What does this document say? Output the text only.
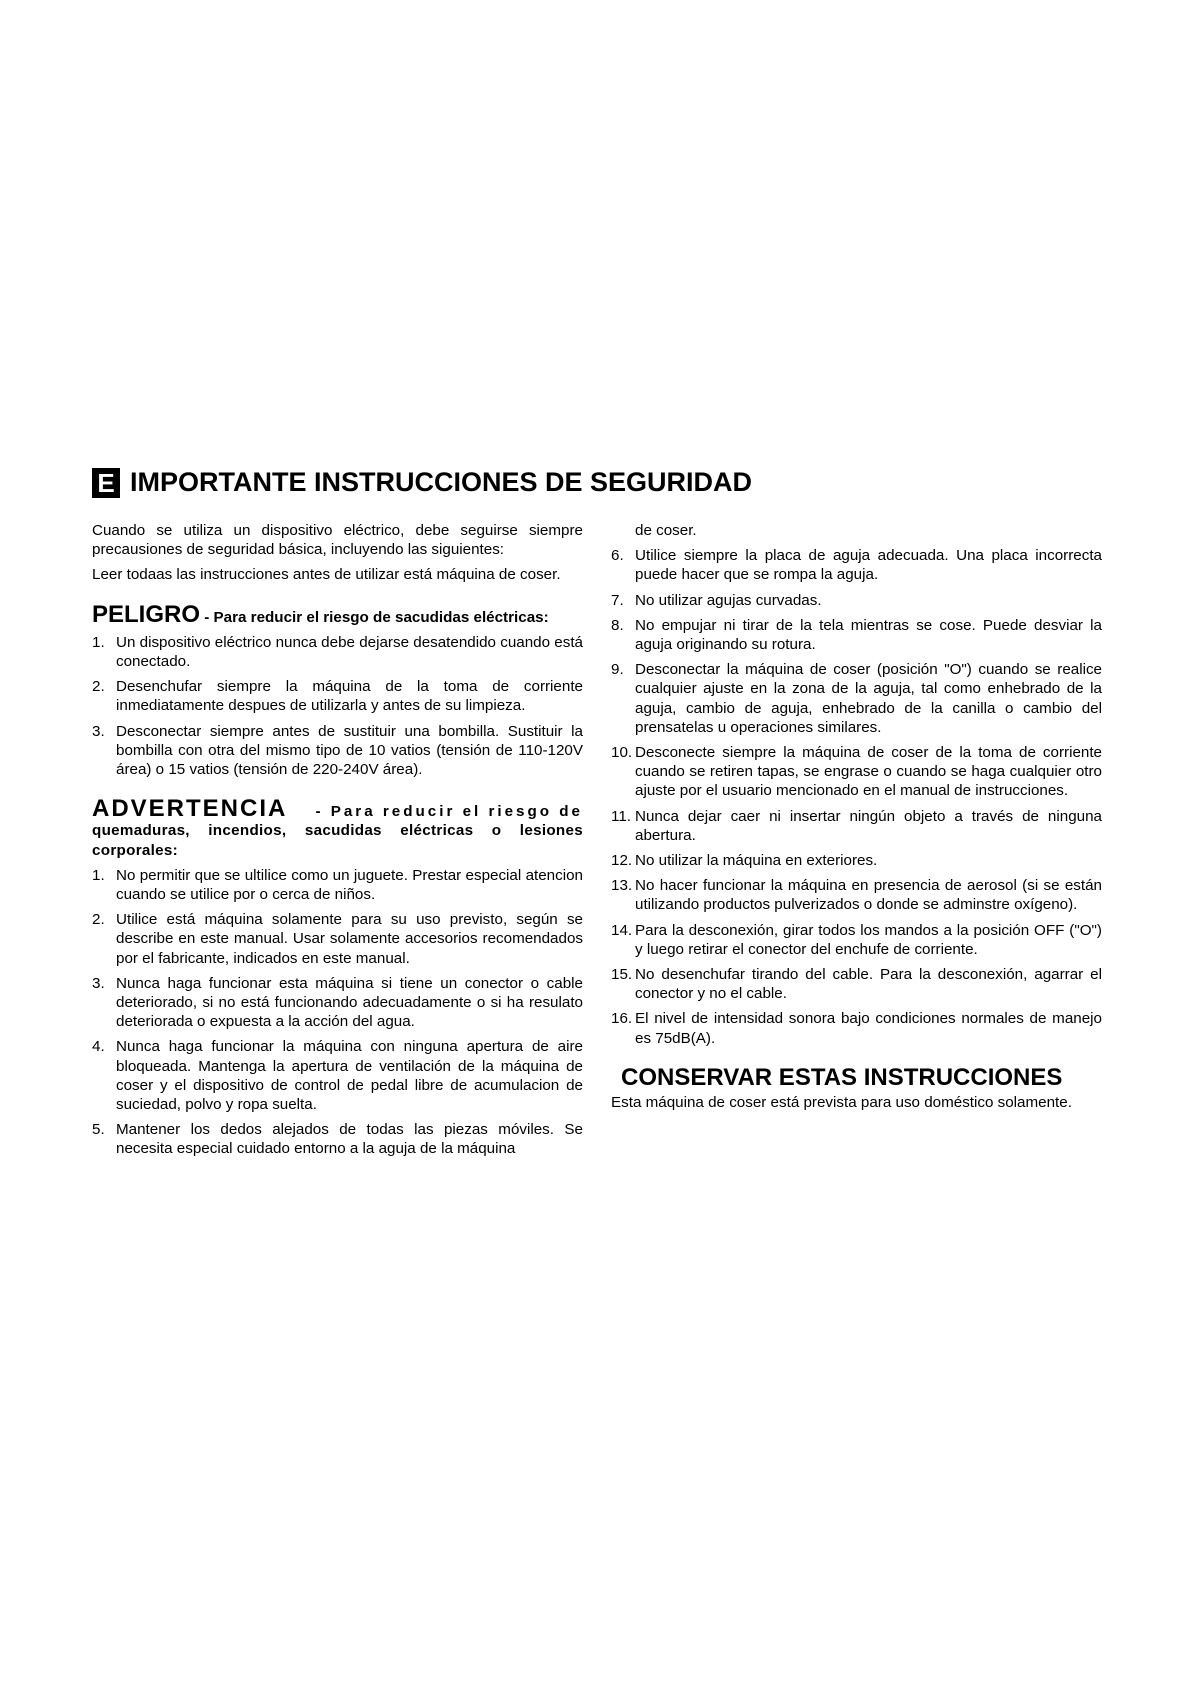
E IMPORTANTE INSTRUCCIONES DE SEGURIDAD

Cuando se utiliza un dispositivo eléctrico, debe seguirse siempre precausiones de seguridad básica, incluyendo las siguientes:

Leer todaas las instrucciones antes de utilizar está máquina de coser.

PELIGRO - Para reducir el riesgo de sacudidas eléctricas:
1. Un dispositivo eléctrico nunca debe dejarse desatendido cuando está conectado.
2. Desenchufar siempre la máquina de la toma de corriente inmediatamente despues de utilizarla y antes de su limpieza.
3. Desconectar siempre antes de sustituir una bombilla. Sustituir la bombilla con otra del mismo tipo de 10 vatios (tensión de 110-120V área) o 15 vatios (tensión de 220-240V área).
ADVERTENCIA - Para reducir el riesgo de
quemaduras, incendios, sacudidas eléctricas o lesiones corporales:
1. No permitir que se ultilice como un juguete. Prestar especial atencion cuando se utilice por o cerca de niños.
2. Utilice está máquina solamente para su uso previsto, según se describe en este manual. Usar solamente accesorios recomendados por el fabricante, indicados en este manual.
3. Nunca haga funcionar esta máquina si tiene un conector o cable deteriorado, si no está funcionando adecuadamente o si ha resulato deteriorada o expuesta a la acción del agua.
4. Nunca haga funcionar la máquina con ninguna apertura de aire bloqueada. Mantenga la apertura de ventilación de la máquina de coser y el dispositivo de control de pedal libre de acumulacion de suciedad, polvo y ropa suelta.
5. Mantener los dedos alejados de todas las piezas móviles. Se necesita especial cuidado entorno a la aguja de la máquina
de coser.
6. Utilice siempre la placa de aguja adecuada. Una placa incorrecta puede hacer que se rompa la aguja.
7. No utilizar agujas curvadas.
8. No empujar ni tirar de la tela mientras se cose. Puede desviar la aguja originando su rotura.
9. Desconectar la máquina de coser (posición "O") cuando se realice cualquier ajuste en la zona de la aguja, tal como enhebrado de la aguja, cambio de aguja, enhebrado de la canilla o cambio del prensatelas u operaciones similares.
10. Desconecte siempre la máquina de coser de la toma de corriente cuando se retiren tapas, se engrase o cuando se haga cualquier otro ajuste por el usuario mencionado en el manual de instrucciones.
11. Nunca dejar caer ni insertar ningún objeto a través de ninguna abertura.
12. No utilizar la máquina en exteriores.
13. No hacer funcionar la máquina en presencia de aerosol (si se están utilizando productos pulverizados o donde se adminstre oxígeno).
14. Para la desconexión, girar todos los mandos a la posición OFF ("O") y luego retirar el conector del enchufe de corriente.
15. No desenchufar tirando del cable. Para la desconexión, agarrar el conector y no el cable.
16. El nivel de intensidad sonora bajo condiciones normales de manejo es 75dB(A).
CONSERVAR ESTAS INSTRUCCIONES

Esta máquina de coser está prevista para uso doméstico solamente.
